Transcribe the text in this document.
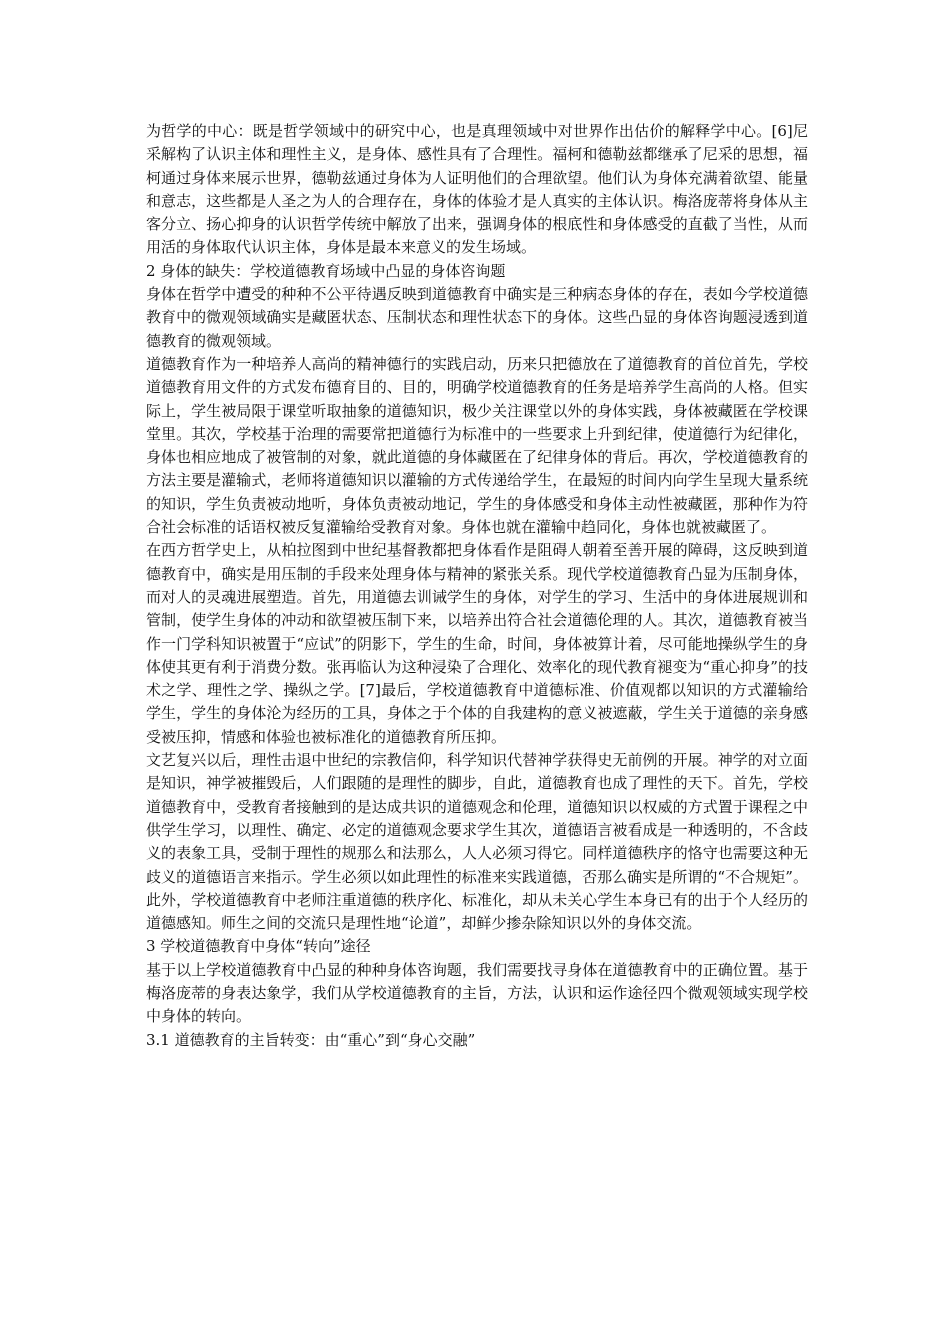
为哲学的中心：既是哲学领域中的研究中心，也是真理领域中对世界作出估价的解释学中心。[6]尼采解构了认识主体和理性主义，是身体、感性具有了合理性。福柯和德勒兹都继承了尼采的思想，福柯通过身体来展示世界，德勒兹通过身体为人证明他们的合理欲望。他们认为身体充满着欲望、能量和意志，这些都是人圣之为人的合理存在，身体的体验才是人真实的主体认识。梅洛庞蒂将身体从主客分立、扬心抑身的认识哲学传统中解放了出来，强调身体的根底性和身体感受的直截了当性，从而用活的身体取代认识主体，身体是最本来意义的发生场域。

2 身体的缺失：学校道德教育场域中凸显的身体咨询题

身体在哲学中遭受的种种不公平待遇反映到道德教育中确实是三种病态身体的存在，表如今学校道德教育中的微观领域确实是藏匿状态、压制状态和理性状态下的身体。这些凸显的身体咨询题浸透到道德教育的微观领域。

道德教育作为一种培养人高尚的精神德行的实践启动，历来只把德放在了道德教育的首位首先，学校道德教育用文件的方式发布德育目的、目的，明确学校道德教育的任务是培养学生高尚的人格。但实际上，学生被局限于课堂听取抽象的道德知识，极少关注课堂以外的身体实践，身体被藏匿在学校课堂里。其次，学校基于治理的需要常把道德行为标准中的一些要求上升到纪律，使道德行为纪律化，身体也相应地成了被管制的对象，就此道德的身体藏匿在了纪律身体的背后。再次，学校道德教育的方法主要是灌输式，老师将道德知识以灌输的方式传递给学生，在最短的时间内向学生呈现大量系统的知识，学生负责被动地听，身体负责被动地记，学生的身体感受和身体主动性被藏匿，那种作为符合社会标准的话语权被反复灌输给受教育对象。身体也就在灌输中趋同化，身体也就被藏匿了。

在西方哲学史上，从柏拉图到中世纪基督教都把身体看作是阻碍人朝着至善开展的障碍，这反映到道德教育中，确实是用压制的手段来处理身体与精神的紧张关系。现代学校道德教育凸显为压制身体，而对人的灵魂进展塑造。首先，用道德去训诫学生的身体，对学生的学习、生活中的身体进展规训和管制，使学生身体的冲动和欲望被压制下来，以培养出符合社会道德伦理的人。其次，道德教育被当作一门学科知识被置于“应试”的阴影下，学生的生命，时间，身体被算计着，尽可能地操纵学生的身体使其更有利于消费分数。张再临认为这种浸染了合理化、效率化的现代教育褪变为“重心抑身”的技术之学、理性之学、操纵之学。[7]最后，学校道德教育中道德标准、价值观都以知识的方式灌输给学生，学生的身体沦为经历的工具，身体之于个体的自我建构的意义被遮蔽，学生关于道德的亲身感受被压抑，情感和体验也被标准化的道德教育所压抑。

文艺复兴以后，理性击退中世纪的宗教信仰，科学知识代替神学获得史无前例的开展。神学的对立面是知识，神学被摧毁后，人们跟随的是理性的脚步，自此，道德教育也成了理性的天下。首先，学校道德教育中，受教育者接触到的是达成共识的道德观念和伦理，道德知识以权威的方式置于课程之中供学生学习，以理性、确定、必定的道德观念要求学生其次，道德语言被看成是一种透明的，不含歧义的表象工具，受制于理性的规那么和法那么，人人必须习得它。同样道德秩序的恪守也需要这种无歧义的道德语言来指示。学生必须以如此理性的标准来实践道德，否那么确实是所谓的“不合规矩”。此外，学校道德教育中老师注重道德的秩序化、标准化，却从未关心学生本身已有的出于个人经历的道德感知。师生之间的交流只是理性地“论道”，却鲜少掺杂除知识以外的身体交流。

3 学校道德教育中身体“转向”途径

基于以上学校道德教育中凸显的种种身体咨询题，我们需要找寻身体在道德教育中的正确位置。基于梅洛庞蒂的身表达象学，我们从学校道德教育的主旨，方法，认识和运作途径四个微观领域实现学校中身体的转向。

3.1 道德教育的主旨转变：由“重心”到“身心交融”
